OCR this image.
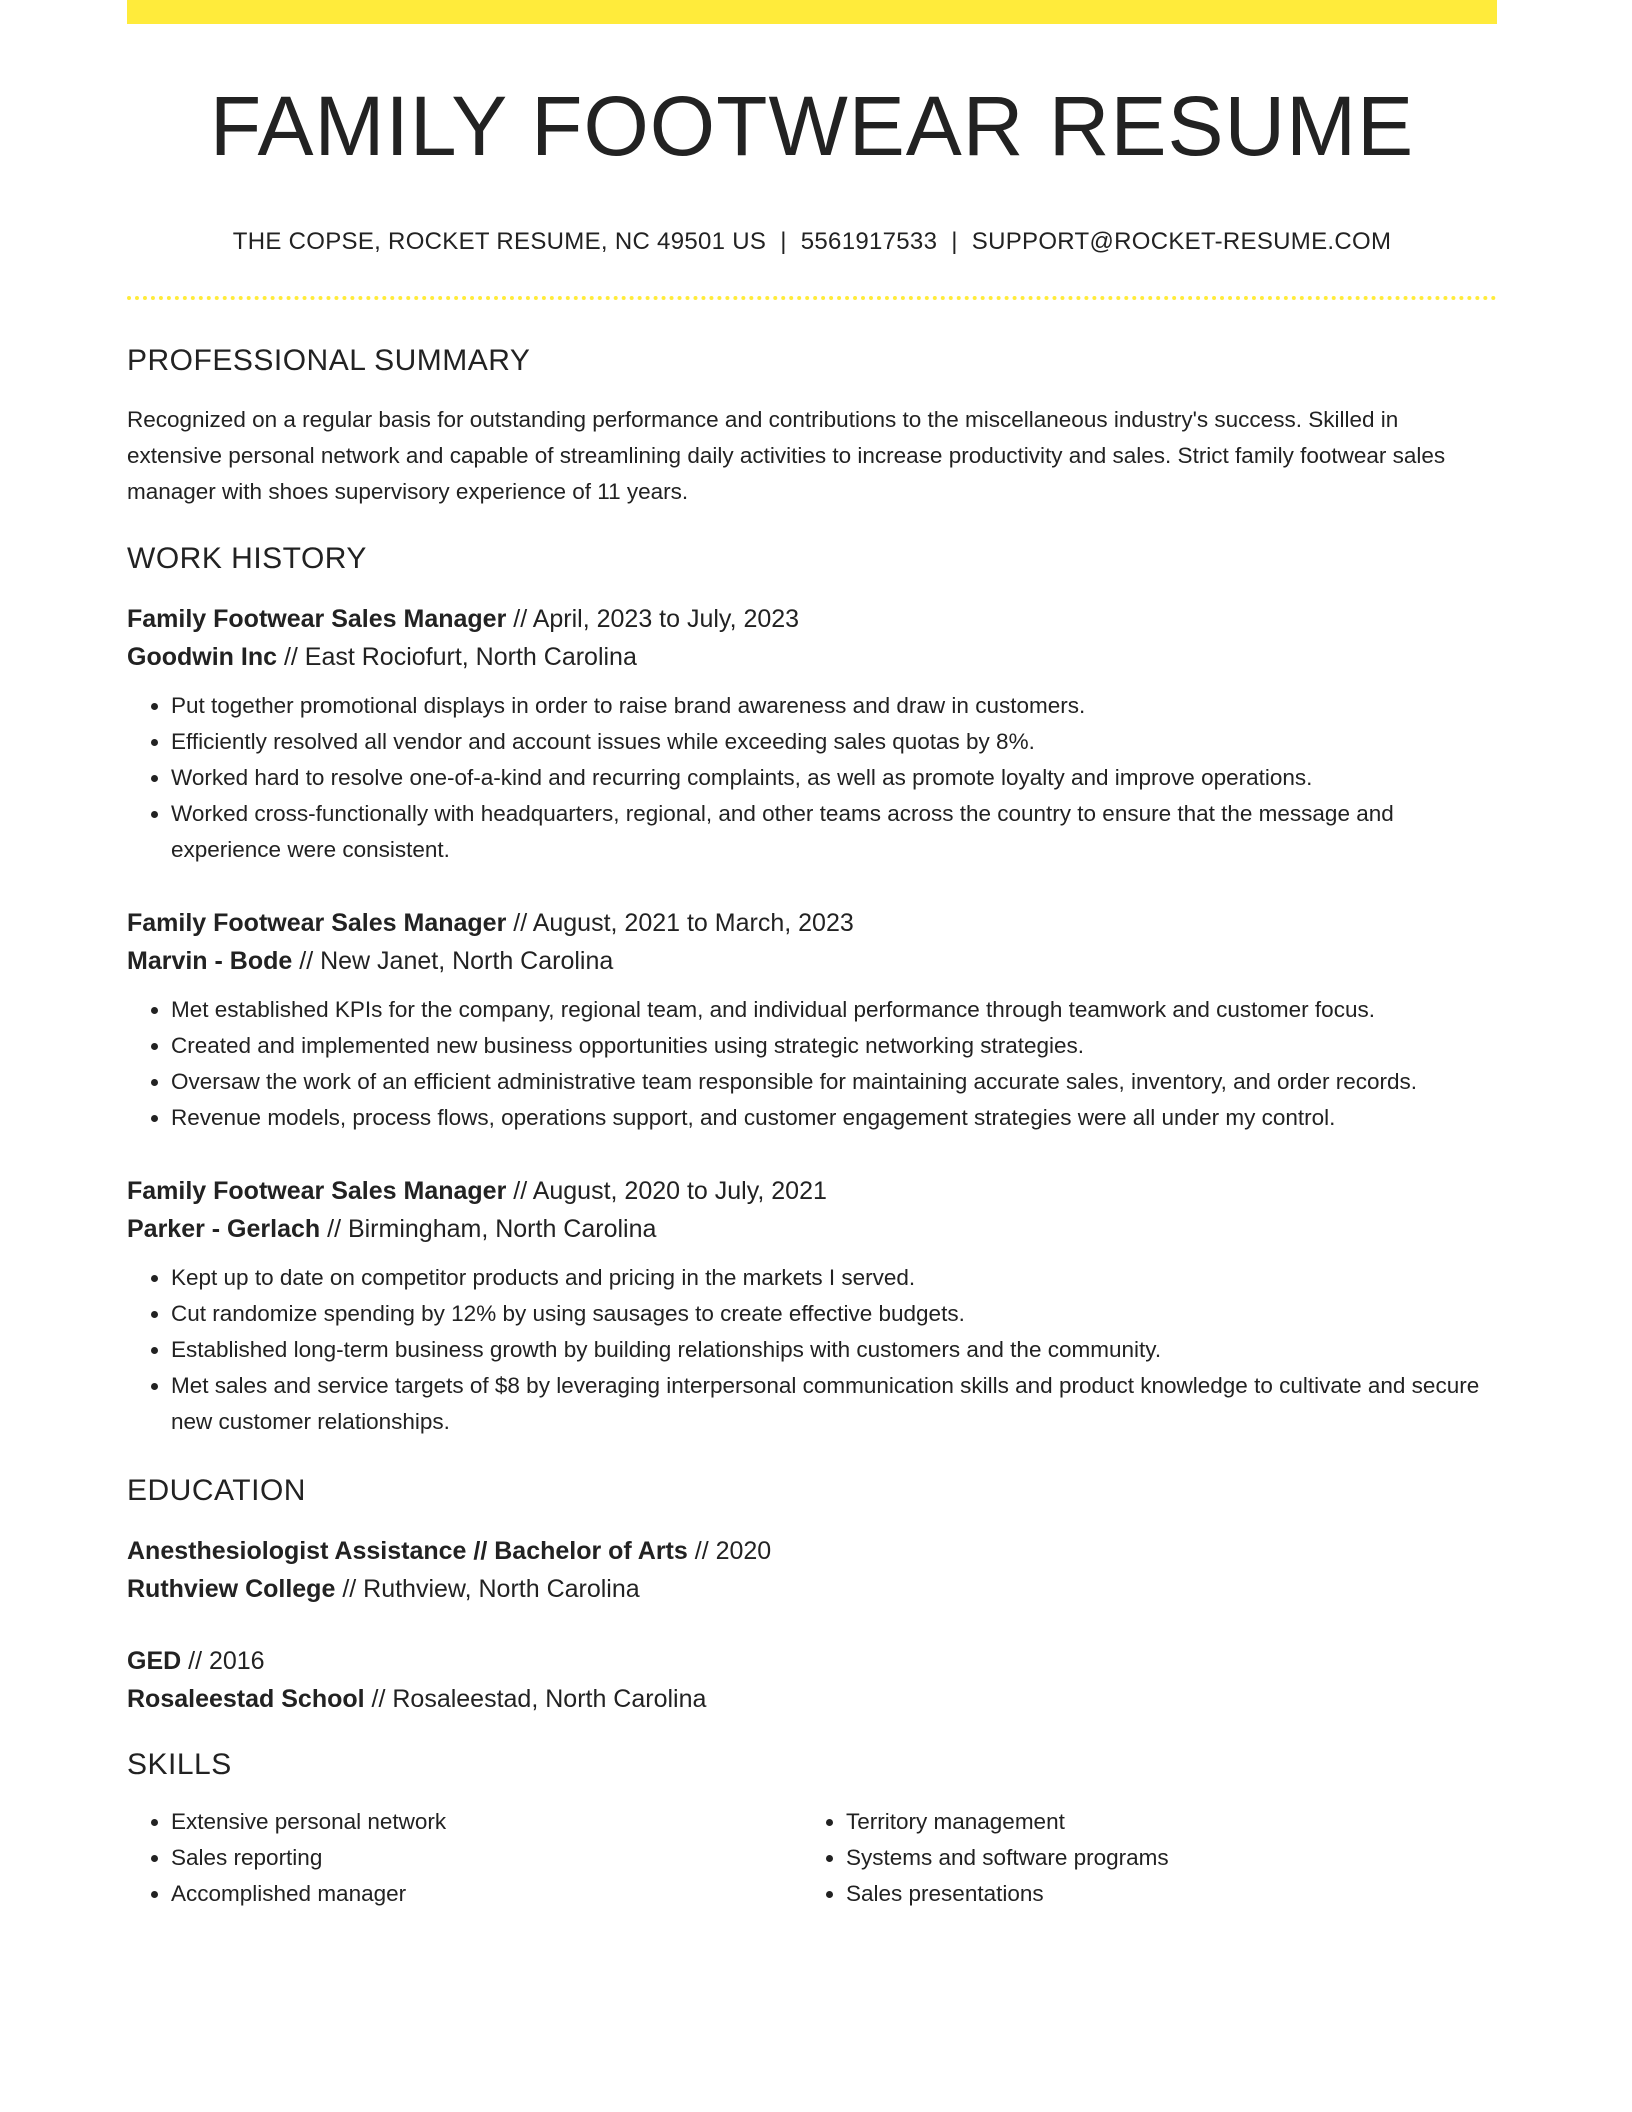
FAMILY FOOTWEAR RESUME
THE COPSE, ROCKET RESUME, NC 49501 US | 5561917533 | SUPPORT@ROCKET-RESUME.COM
PROFESSIONAL SUMMARY

Recognized on a regular basis for outstanding performance and contributions to the miscellaneous industry's success. Skilled in extensive personal network and capable of streamlining daily activities to increase productivity and sales. Strict family footwear sales manager with shoes supervisory experience of 11 years.

WORK HISTORY
Family Footwear Sales Manager // April, 2023 to July, 2023
Goodwin Inc // East Rociofurt, North Carolina
• Put together promotional displays in order to raise brand awareness and draw in customers.
• Efficiently resolved all vendor and account issues while exceeding sales quotas by 8%.
• Worked hard to resolve one-of-a-kind and recurring complaints, as well as promote loyalty and improve operations.
• Worked cross-functionally with headquarters, regional, and other teams across the country to ensure that the message and experience were consistent.
Family Footwear Sales Manager // August, 2021 to March, 2023
Marvin - Bode // New Janet, North Carolina
• Met established KPIs for the company, regional team, and individual performance through teamwork and customer focus.
• Created and implemented new business opportunities using strategic networking strategies.
• Oversaw the work of an efficient administrative team responsible for maintaining accurate sales, inventory, and order records.
• Revenue models, process flows, operations support, and customer engagement strategies were all under my control.
Family Footwear Sales Manager // August, 2020 to July, 2021
Parker - Gerlach // Birmingham, North Carolina
• Kept up to date on competitor products and pricing in the markets I served.
• Cut randomize spending by 12% by using sausages to create effective budgets.
• Established long-term business growth by building relationships with customers and the community.
• Met sales and service targets of $8 by leveraging interpersonal communication skills and product knowledge to cultivate and secure new customer relationships.
EDUCATION
Anesthesiologist Assistance // Bachelor of Arts // 2020
Ruthview College // Ruthview, North Carolina
GED // 2016
Rosaleestad School // Rosaleestad, North Carolina
SKILLS
• Extensive personal network
• Sales reporting
• Accomplished manager
• Territory management
• Systems and software programs
• Sales presentations
